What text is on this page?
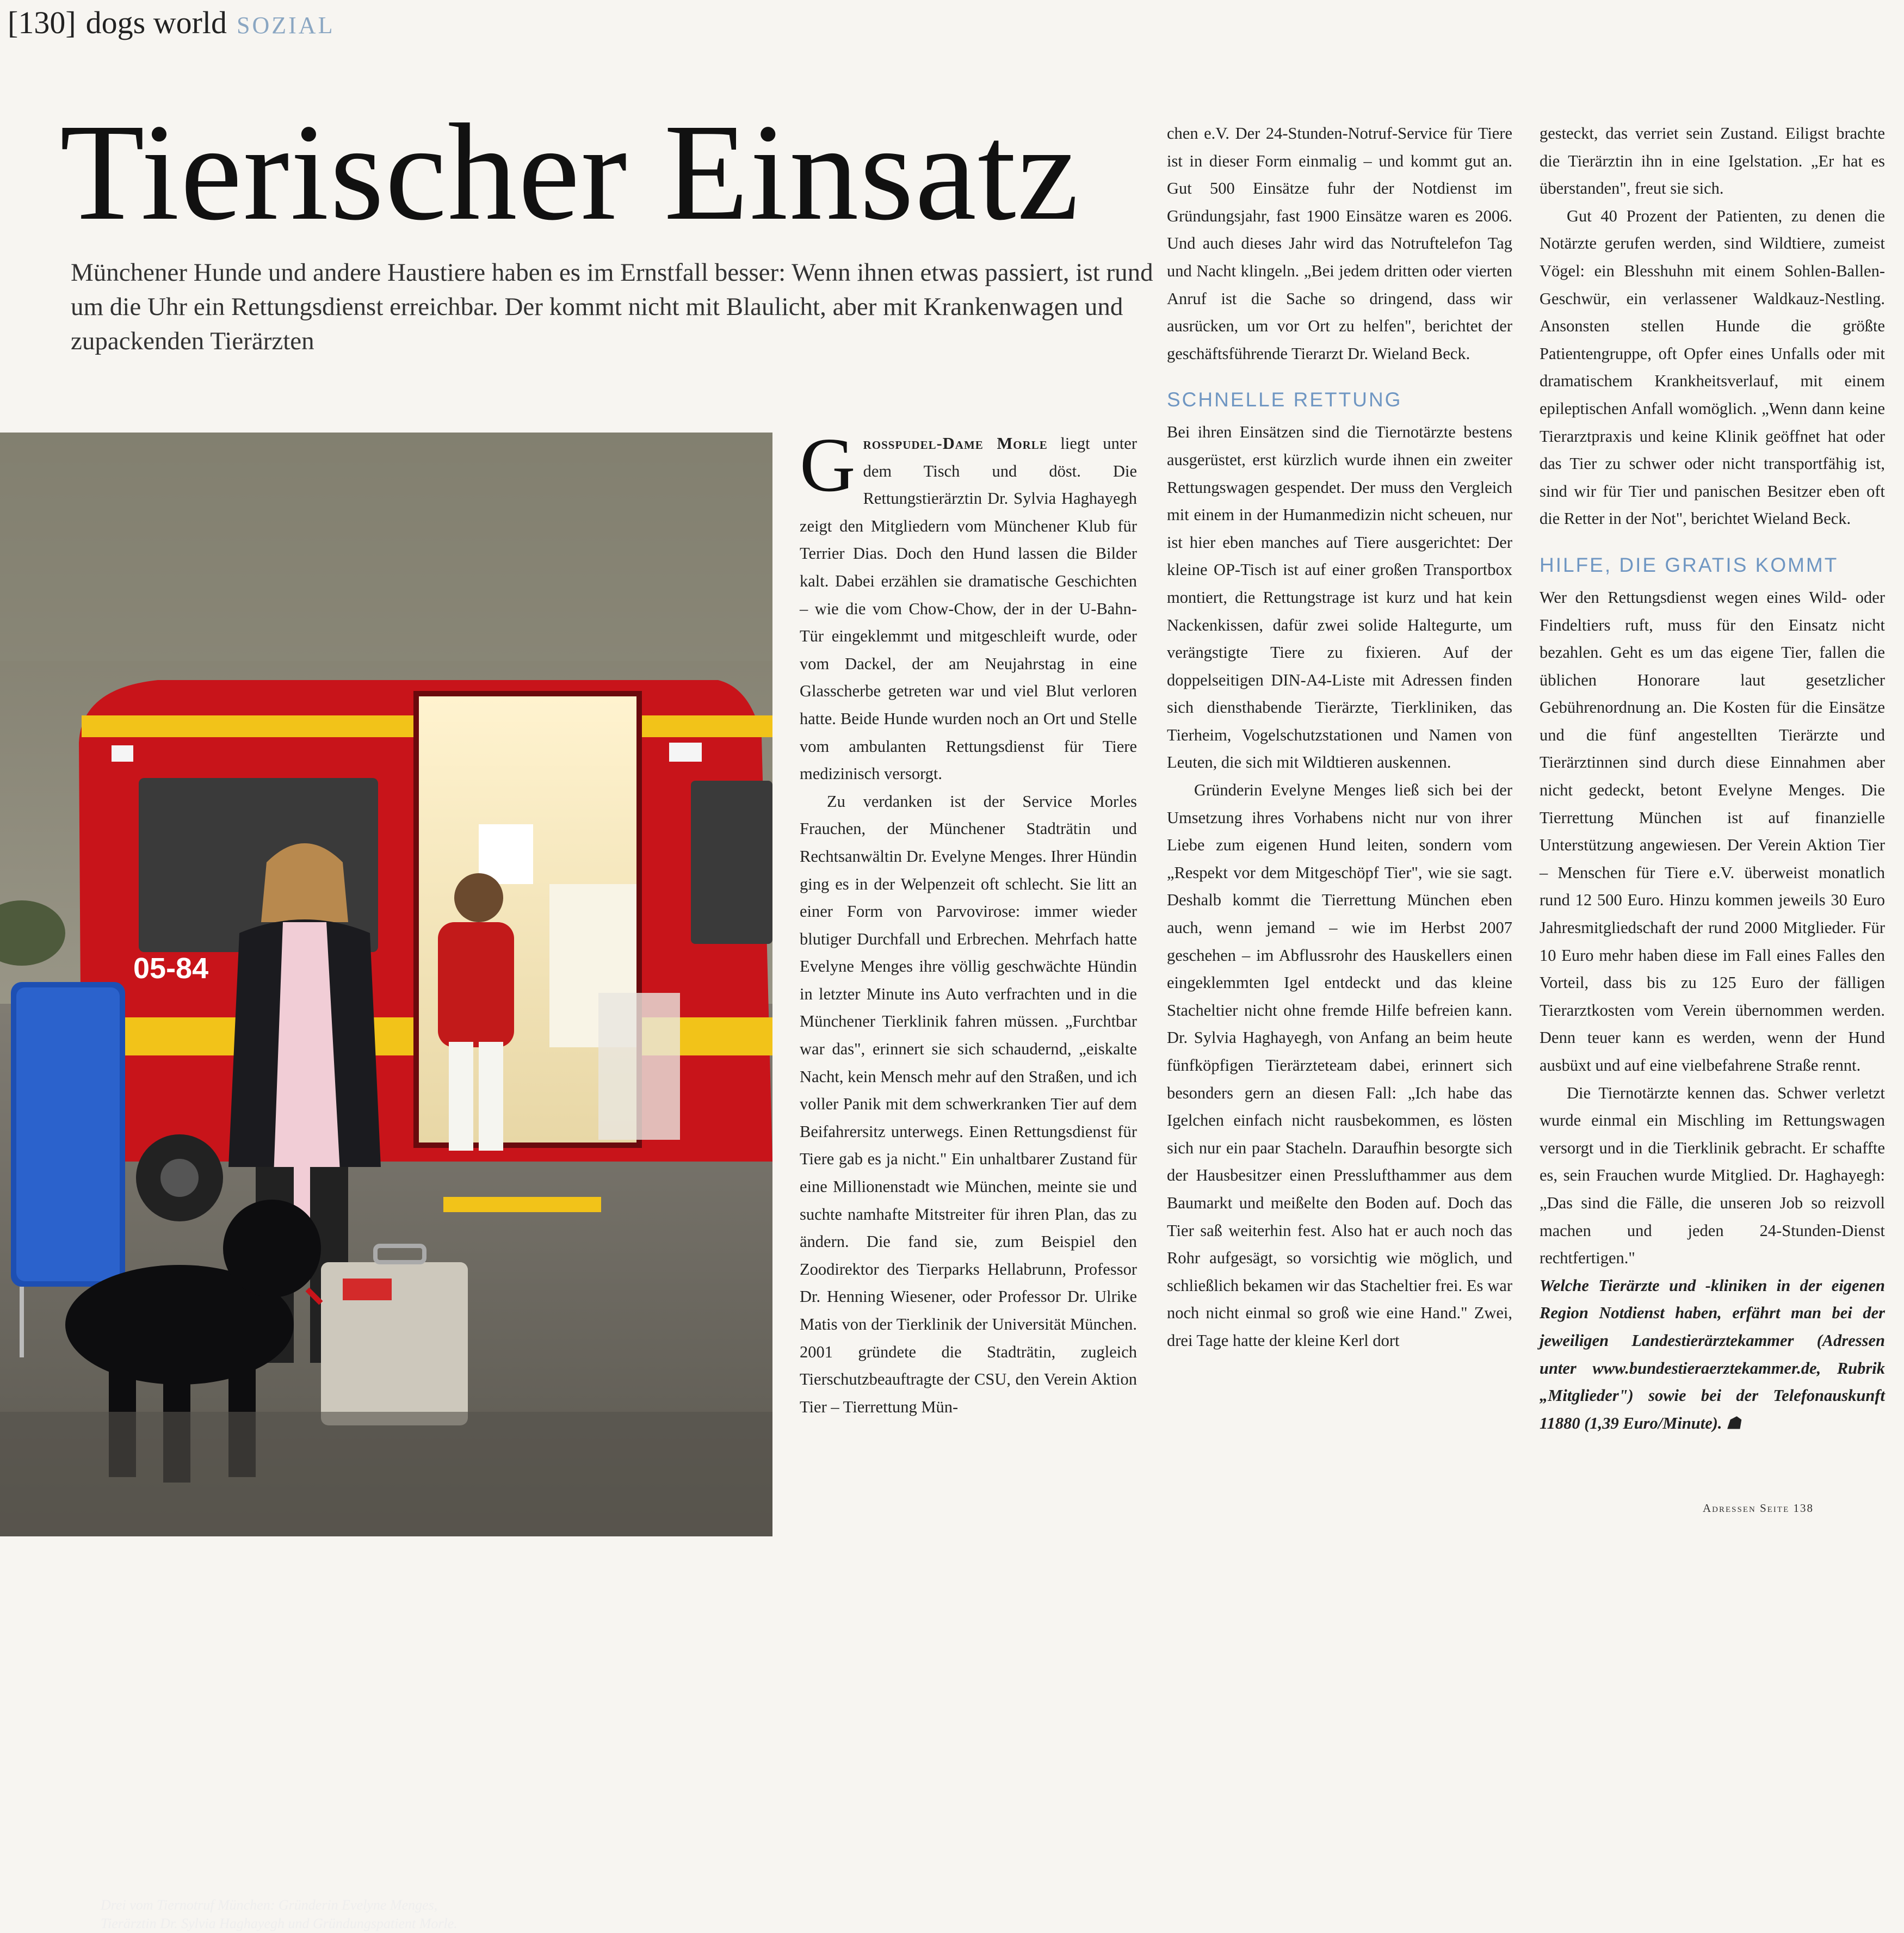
[130] dogs world SOZIAL
Tierischer Einsatz
Münchener Hunde und andere Haustiere haben es im Ernstfall besser: Wenn ihnen etwas passiert, ist rund um die Uhr ein Rettungsdienst erreichbar. Der kommt nicht mit Blaulicht, aber mit Krankenwagen und zupackenden Tierärzten
05-84
Drei vom Tiernotruf München: Gründerin Evelyne Menges, Tierärztin Dr. Sylvia Haghayegh und Gründungspatient Morle.

Grosspudel-Dame Morle liegt unter dem Tisch und döst. Die Rettungstierärztin Dr. Sylvia Haghayegh zeigt den Mitgliedern vom Münchener Klub für Terrier Dias. Doch den Hund lassen die Bilder kalt. Dabei erzählen sie dramatische Geschichten – wie die vom Chow-Chow, der in der U-Bahn-Tür eingeklemmt und mitgeschleift wurde, oder vom Dackel, der am Neujahrstag in eine Glasscherbe getreten war und viel Blut verloren hatte. Beide Hunde wurden noch an Ort und Stelle vom ambulanten Rettungsdienst für Tiere medizinisch versorgt.

Zu verdanken ist der Service Morles Frauchen, der Münchener Stadträtin und Rechtsanwältin Dr. Evelyne Menges. Ihrer Hündin ging es in der Welpenzeit oft schlecht. Sie litt an einer Form von Parvovirose: immer wieder blutiger Durchfall und Erbrechen. Mehrfach hatte Evelyne Menges ihre völlig geschwächte Hündin in letzter Minute ins Auto verfrachten und in die Münchener Tierklinik fahren müssen. „Furchtbar war das", erinnert sie sich schaudernd, „eiskalte Nacht, kein Mensch mehr auf den Straßen, und ich voller Panik mit dem schwerkranken Tier auf dem Beifahrersitz unterwegs. Einen Rettungsdienst für Tiere gab es ja nicht." Ein unhaltbarer Zustand für eine Millionenstadt wie München, meinte sie und suchte namhafte Mitstreiter für ihren Plan, das zu ändern. Die fand sie, zum Beispiel den Zoodirektor des Tierparks Hellabrunn, Professor Dr. Henning Wiesener, oder Professor Dr. Ulrike Matis von der Tierklinik der Universität München. 2001 gründete die Stadträtin, zugleich Tierschutzbeauftragte der CSU, den Verein Aktion Tier – Tierrettung Mün-

chen e.V. Der 24-Stunden-Notruf-Service für Tiere ist in dieser Form einmalig – und kommt gut an. Gut 500 Einsätze fuhr der Notdienst im Gründungsjahr, fast 1900 Einsätze waren es 2006. Und auch dieses Jahr wird das Notruftelefon Tag und Nacht klingeln. „Bei jedem dritten oder vierten Anruf ist die Sache so dringend, dass wir ausrücken, um vor Ort zu helfen", berichtet der geschäftsführende Tierarzt Dr. Wieland Beck.

SCHNELLE RETTUNG

Bei ihren Einsätzen sind die Tiernotärzte bestens ausgerüstet, erst kürzlich wurde ihnen ein zweiter Rettungswagen gespendet. Der muss den Vergleich mit einem in der Humanmedizin nicht scheuen, nur ist hier eben manches auf Tiere ausgerichtet: Der kleine OP-Tisch ist auf einer großen Transportbox montiert, die Rettungstrage ist kurz und hat kein Nackenkissen, dafür zwei solide Haltegurte, um verängstigte Tiere zu fixieren. Auf der doppelseitigen DIN-A4-Liste mit Adressen finden sich diensthabende Tierärzte, Tierkliniken, das Tierheim, Vogelschutzstationen und Namen von Leuten, die sich mit Wildtieren auskennen.

Gründerin Evelyne Menges ließ sich bei der Umsetzung ihres Vorhabens nicht nur von ihrer Liebe zum eigenen Hund leiten, sondern vom „Respekt vor dem Mitgeschöpf Tier", wie sie sagt. Deshalb kommt die Tierrettung München eben auch, wenn jemand – wie im Herbst 2007 geschehen – im Abflussrohr des Hauskellers einen eingeklemmten Igel entdeckt und das kleine Stacheltier nicht ohne fremde Hilfe befreien kann. Dr. Sylvia Haghayegh, von Anfang an beim heute fünfköpfigen Tierärzteteam dabei, erinnert sich besonders gern an diesen Fall: „Ich habe das Igelchen einfach nicht rausbekommen, es lösten sich nur ein paar Stacheln. Daraufhin besorgte sich der Hausbesitzer einen Presslufthammer aus dem Baumarkt und meißelte den Boden auf. Doch das Tier saß weiterhin fest. Also hat er auch noch das Rohr aufgesägt, so vorsichtig wie möglich, und schließlich bekamen wir das Stacheltier frei. Es war noch nicht einmal so groß wie eine Hand." Zwei, drei Tage hatte der kleine Kerl dort

gesteckt, das verriet sein Zustand. Eiligst brachte die Tierärztin ihn in eine Igelstation. „Er hat es überstanden", freut sie sich.

Gut 40 Prozent der Patienten, zu denen die Notärzte gerufen werden, sind Wildtiere, zumeist Vögel: ein Blesshuhn mit einem Sohlen-Ballen-Geschwür, ein verlassener Waldkauz-Nestling. Ansonsten stellen Hunde die größte Patientengruppe, oft Opfer eines Unfalls oder mit dramatischem Krankheitsverlauf, mit einem epileptischen Anfall womöglich. „Wenn dann keine Tierarztpraxis und keine Klinik geöffnet hat oder das Tier zu schwer oder nicht transportfähig ist, sind wir für Tier und panischen Besitzer eben oft die Retter in der Not", berichtet Wieland Beck.

HILFE, DIE GRATIS KOMMT

Wer den Rettungsdienst wegen eines Wild- oder Findeltiers ruft, muss für den Einsatz nicht bezahlen. Geht es um das eigene Tier, fallen die üblichen Honorare laut gesetzlicher Gebührenordnung an. Die Kosten für die Einsätze und die fünf angestellten Tierärzte und Tierärztinnen sind durch diese Einnahmen aber nicht gedeckt, betont Evelyne Menges. Die Tierrettung München ist auf finanzielle Unterstützung angewiesen. Der Verein Aktion Tier – Menschen für Tiere e.V. überweist monatlich rund 12 500 Euro. Hinzu kommen jeweils 30 Euro Jahresmitgliedschaft der rund 2000 Mitglieder. Für 10 Euro mehr haben diese im Fall eines Falles den Vorteil, dass bis zu 125 Euro der fälligen Tierarztkosten vom Verein übernommen werden. Denn teuer kann es werden, wenn der Hund ausbüxt und auf eine vielbefahrene Straße rennt.

Die Tiernotärzte kennen das. Schwer verletzt wurde einmal ein Mischling im Rettungswagen versorgt und in die Tierklinik gebracht. Er schaffte es, sein Frauchen wurde Mitglied. Dr. Haghayegh: „Das sind die Fälle, die unseren Job so reizvoll machen und jeden 24-Stunden-Dienst rechtfertigen."

Welche Tierärzte und -kliniken in der eigenen Region Notdienst haben, erfährt man bei der jeweiligen Landestierärztekammer (Adressen unter www.bundestieraerztekammer.de, Rubrik „Mitglieder") sowie bei der Telefonauskunft 11880 (1,39 Euro/Minute). ☗

Adressen Seite 138
